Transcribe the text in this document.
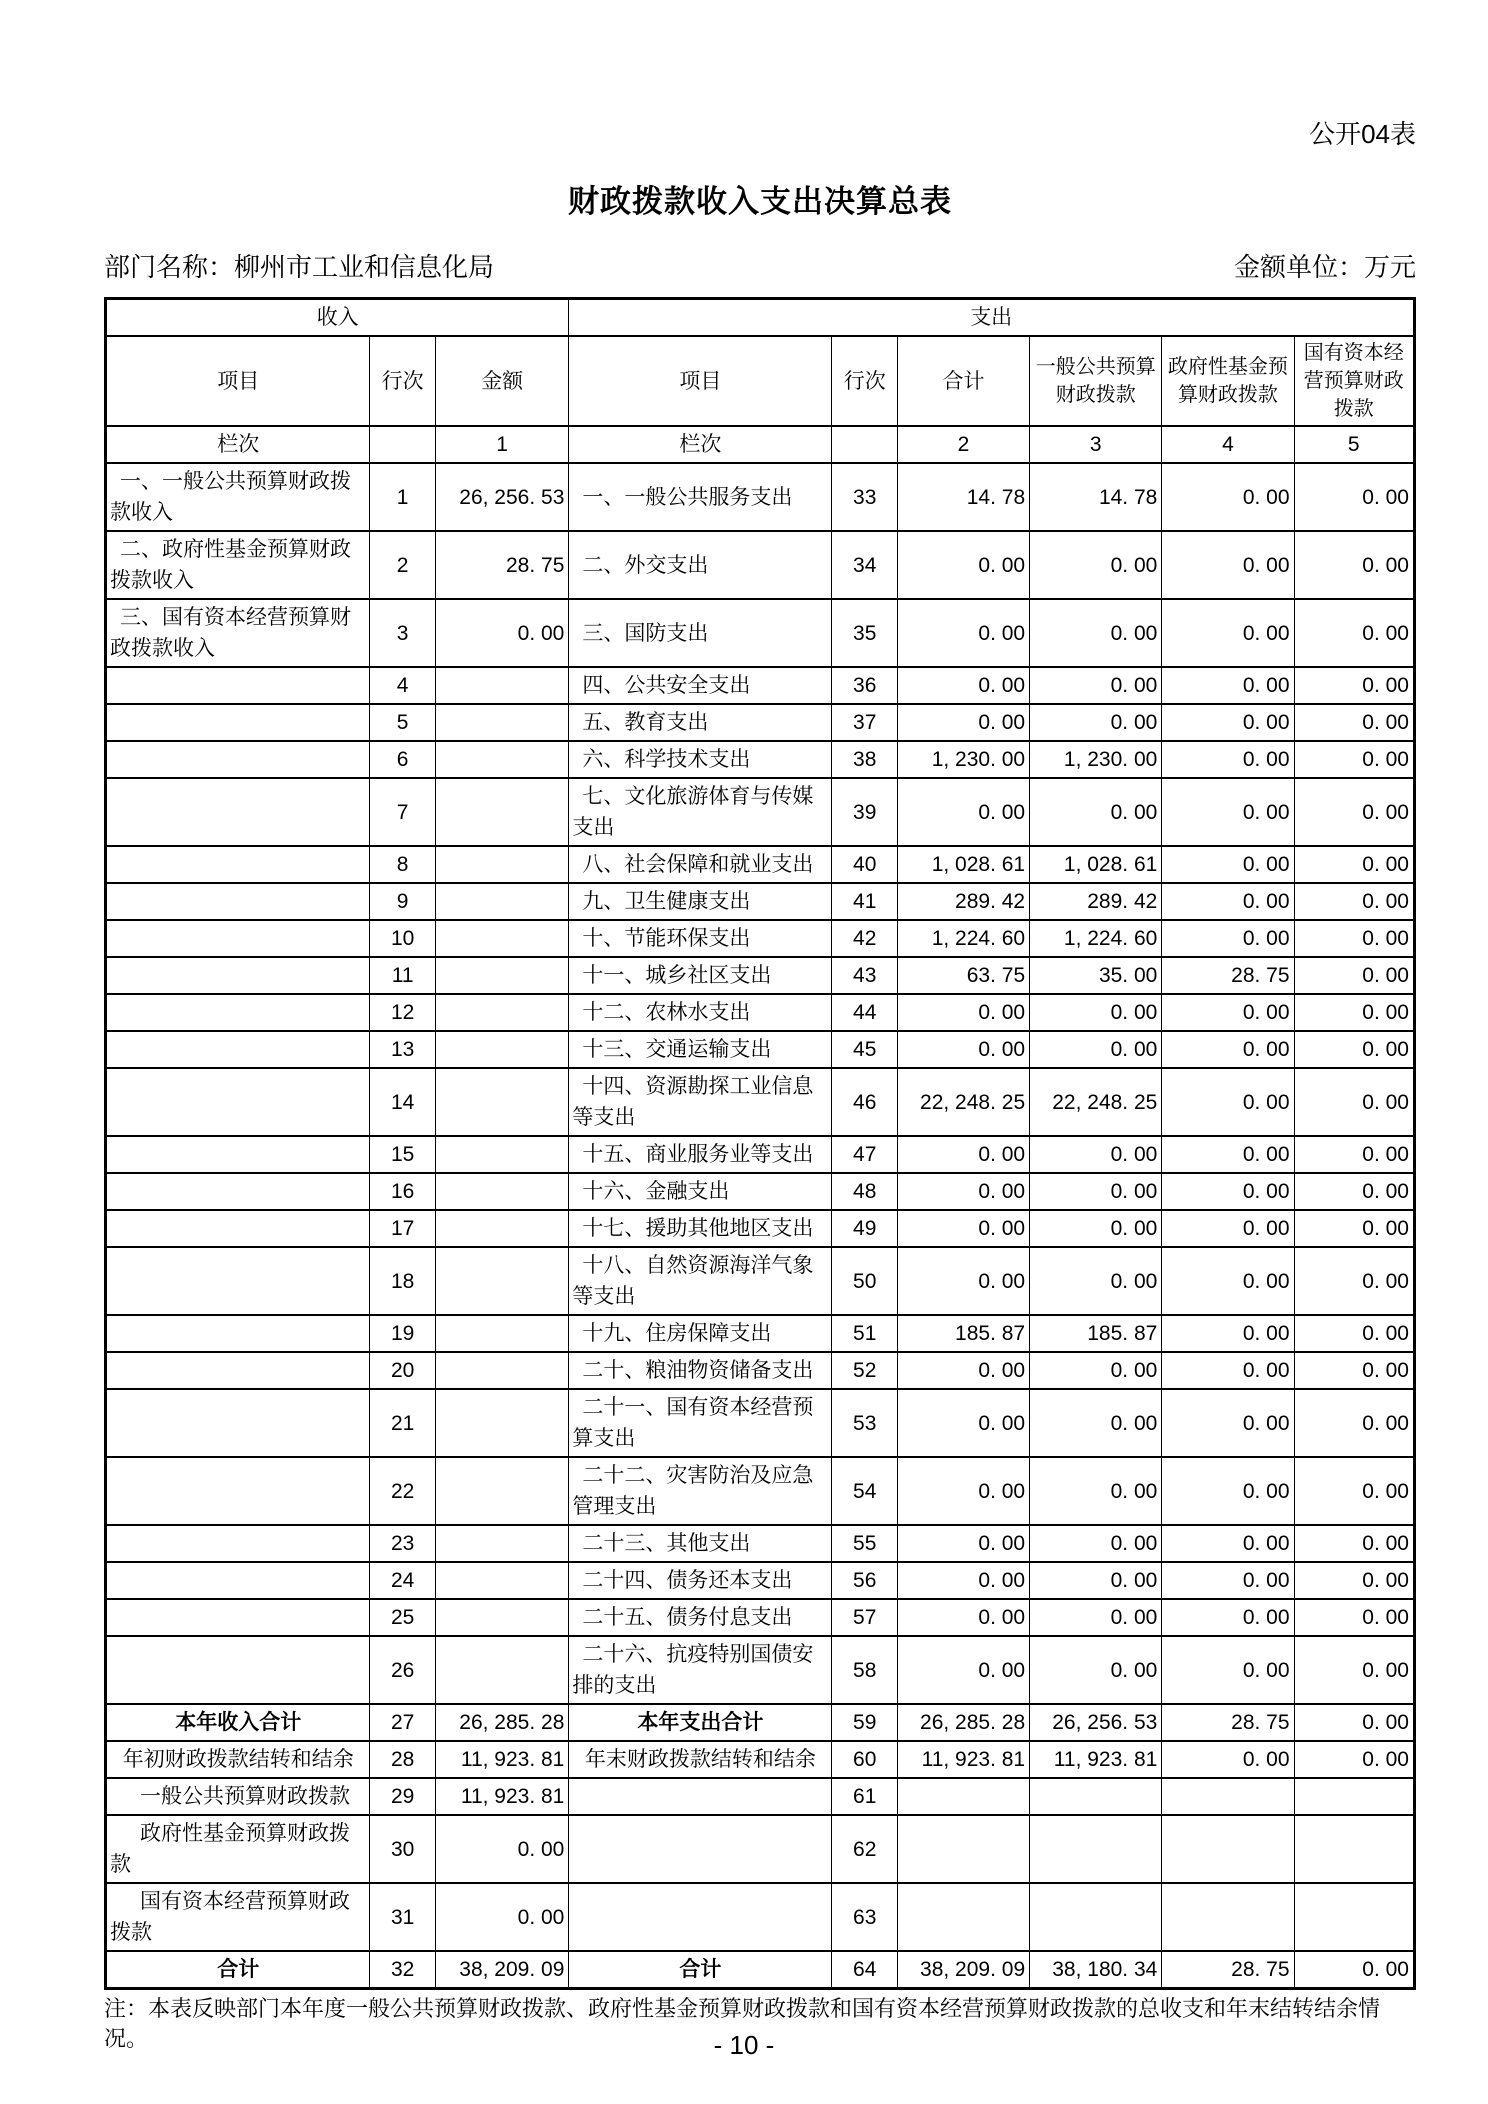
公开04表
财政拨款收入支出决算总表
部门名称：柳州市工业和信息化局	金额单位：万元
收入			支出					
项目	行次	金额	项目	行次	合计	一般公共预算财政拨款	政府性基金预算财政拨款	国有资本经营预算财政拨款
栏次		1	栏次		2	3	4	5
一、一般公共预算财政拨款收入	1	26, 256. 53	一、一般公共服务支出	33	14. 78	14. 78	0. 00	0. 00
二、政府性基金预算财政拨款收入	2	28. 75	二、外交支出	34	0. 00	0. 00	0. 00	0. 00
三、国有资本经营预算财政拨款收入	3	0. 00	三、国防支出	35	0. 00	0. 00	0. 00	0. 00
	4		四、公共安全支出	36	0. 00	0. 00	0. 00	0. 00
	5		五、教育支出	37	0. 00	0. 00	0. 00	0. 00
	6		六、科学技术支出	38	1, 230. 00	1, 230. 00	0. 00	0. 00
	7		七、文化旅游体育与传媒支出	39	0. 00	0. 00	0. 00	0. 00
	8		八、社会保障和就业支出	40	1, 028. 61	1, 028. 61	0. 00	0. 00
	9		九、卫生健康支出	41	289. 42	289. 42	0. 00	0. 00
	10		十、节能环保支出	42	1, 224. 60	1, 224. 60	0. 00	0. 00
	11		十一、城乡社区支出	43	63. 75	35. 00	28. 75	0. 00
	12		十二、农林水支出	44	0. 00	0. 00	0. 00	0. 00
	13		十三、交通运输支出	45	0. 00	0. 00	0. 00	0. 00
	14		十四、资源勘探工业信息等支出	46	22, 248. 25	22, 248. 25	0. 00	0. 00
	15		十五、商业服务业等支出	47	0. 00	0. 00	0. 00	0. 00
	16		十六、金融支出	48	0. 00	0. 00	0. 00	0. 00
	17		十七、援助其他地区支出	49	0. 00	0. 00	0. 00	0. 00
	18		十八、自然资源海洋气象等支出	50	0. 00	0. 00	0. 00	0. 00
	19		十九、住房保障支出	51	185. 87	185. 87	0. 00	0. 00
	20		二十、粮油物资储备支出	52	0. 00	0. 00	0. 00	0. 00
	21		二十一、国有资本经营预算支出	53	0. 00	0. 00	0. 00	0. 00
	22		二十二、灾害防治及应急管理支出	54	0. 00	0. 00	0. 00	0. 00
	23		二十三、其他支出	55	0. 00	0. 00	0. 00	0. 00
	24		二十四、债务还本支出	56	0. 00	0. 00	0. 00	0. 00
	25		二十五、债务付息支出	57	0. 00	0. 00	0. 00	0. 00
	26		二十六、抗疫特别国债安排的支出	58	0. 00	0. 00	0. 00	0. 00
本年收入合计	27	26, 285. 28	本年支出合计	59	26, 285. 28	26, 256. 53	28. 75	0. 00
年初财政拨款结转和结余	28	11, 923. 81	年末财政拨款结转和结余	60	11, 923. 81	11, 923. 81	0. 00	0. 00
一般公共预算财政拨款	29	11, 923. 81		61				
政府性基金预算财政拨款	30	0. 00		62				
国有资本经营预算财政拨款	31	0. 00		63				
合计	32	38, 209. 09	合计	64	38, 209. 09	38, 180. 34	28. 75	0. 00
注：本表反映部门本年度一般公共预算财政拨款、政府性基金预算财政拨款和国有资本经营预算财政拨款的总收支和年末结转结余情况。	- 10 -
